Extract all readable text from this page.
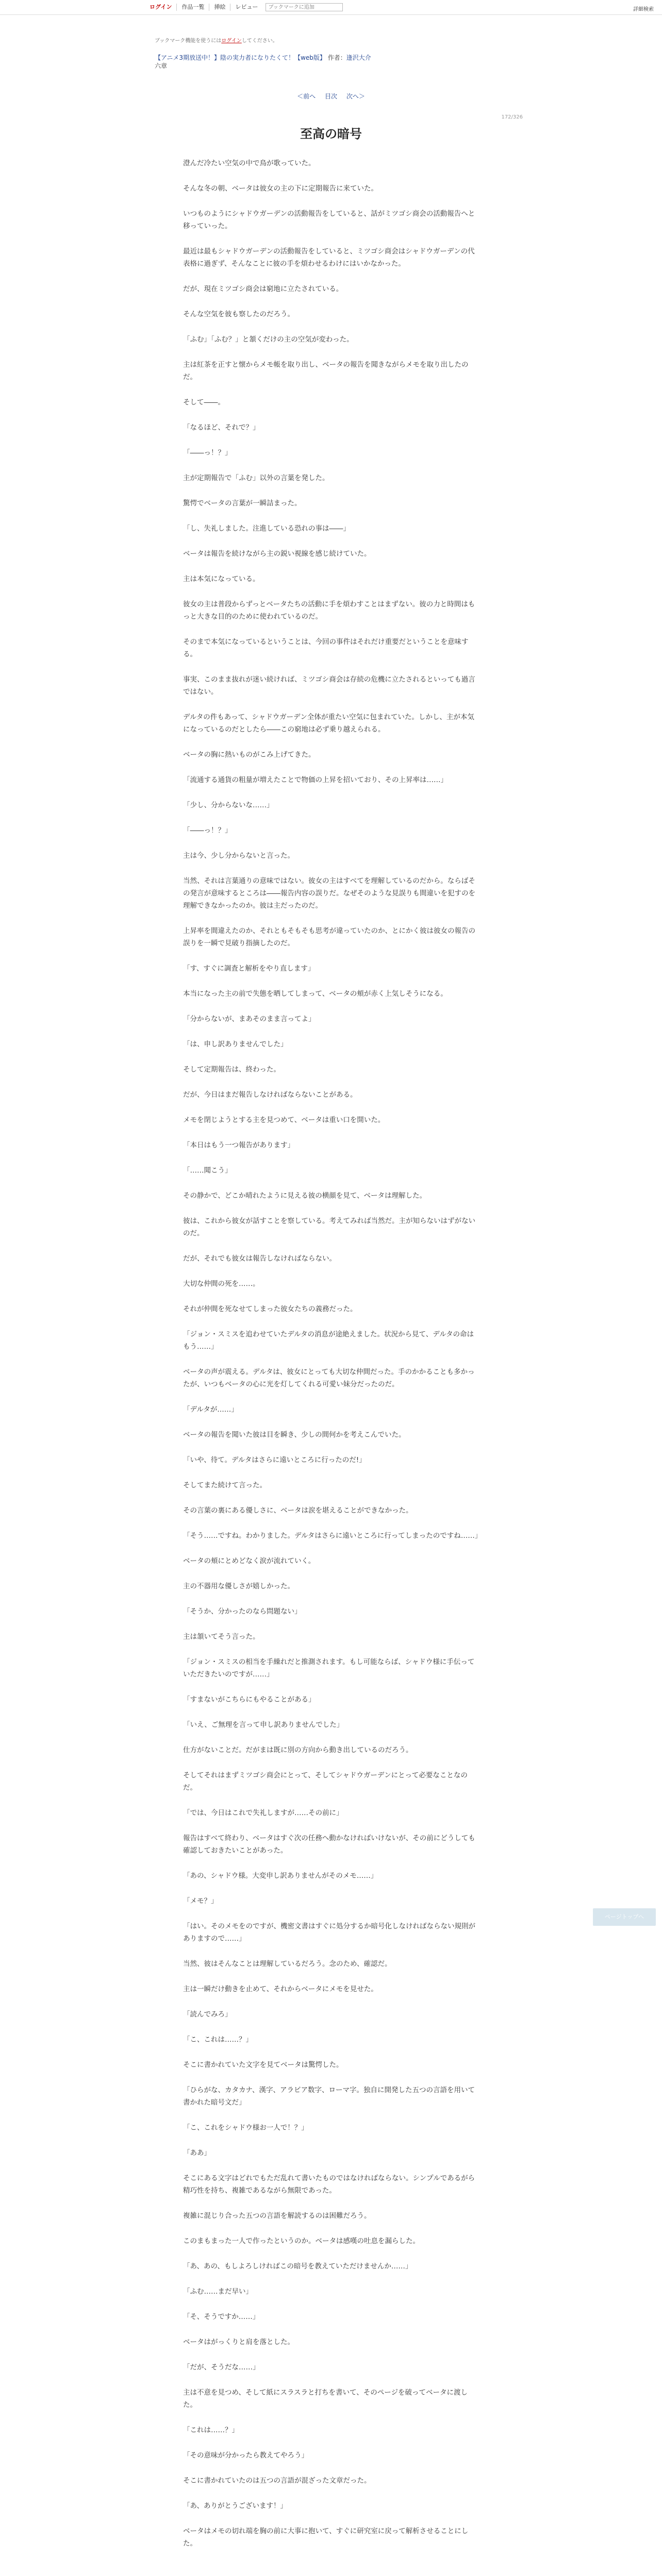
ログイン	作品一覧	挿絵	レビュー
ブックマークに追加	詳細検索
ブックマーク機能を使うにはログインしてください。
【アニメ3期放送中！】陰の実力者になりたくて！【web版】 作者：逢沢大介
六章
＜前へ 目次 次へ＞
172/326
至高の暗号

澄んだ冷たい空気の中で鳥が歌っていた。

そんな冬の朝、ベータは彼女の主の下に定期報告に来ていた。

いつものようにシャドウガーデンの活動報告をしていると、話がミツゴシ商会の活動報告へと移っていった。

最近は最もシャドウガーデンの活動報告をしていると、ミツゴシ商会はシャドウガーデンの代表格に過ぎず、そんなことに彼の手を煩わせるわけにはいかなかった。

だが、現在ミツゴシ商会は窮地に立たされている。

そんな空気を彼も察したのだろう。

「ふむ」「ふむ？」と頷くだけの主の空気が変わった。

主は紅茶を正すと懐からメモ帳を取り出し、ベータの報告を聞きながらメモを取り出したのだ。

そして――。

「なるほど、それで？」

「――っ！？」

主が定期報告で「ふむ」以外の言葉を発した。

驚愕でベータの言葉が一瞬詰まった。

「し、失礼しました。注進している恐れの事は――」

ベータは報告を続けながら主の鋭い視線を感じ続けていた。

主は本気になっている。

彼女の主は普段からずっとベータたちの活動に手を煩わすことはまずない。彼の力と時間はもっと大きな目的のために使われているのだ。

そのまで本気になっているということは、今回の事件はそれだけ重要だということを意味する。

事実、このまま抜れが迷い続ければ、ミツゴシ商会は存続の危機に立たされるといっても過言ではない。

デルタの件もあって、シャドウガーデン全体が重たい空気に包まれていた。しかし、主が本気になっているのだとしたら――この窮地は必ず乗り越えられる。

ベータの胸に熱いものがこみ上げてきた。

「流通する通貨の粗量が増えたことで物価の上昇を招いており、その上昇率は……」

「少し、分からないな……」

「――っ！？」

主は今、少し分からないと言った。

当然、それは言葉通りの意味ではない。彼女の主はすべてを理解しているのだから。ならばその発言が意味するところは――報告内容の誤りだ。なぜそのような見誤りも間違いを犯すのを理解できなかったのか。彼は主だったのだ。

上昇率を間違えたのか、それともそもそも思考が違っていたのか、とにかく彼は彼女の報告の誤りを一瞬で見破り指摘したのだ。

「す、すぐに調査と解析をやり直します」

本当になった主の前で失態を晒してしまって、ベータの頬が赤く上気しそうになる。

「分からないが、まあそのまま言ってよ」

「は、申し訳ありませんでした」

そして定期報告は、終わった。

だが、今日はまだ報告しなければならないことがある。

メモを閉じようとする主を見つめて、ベータは重い口を開いた。

「本日はもう一つ報告があります」

「……聞こう」

その静かで、どこか晴れたように見える彼の横顔を見て、ベータは理解した。

彼は、これから彼女が話すことを察している。考えてみれば当然だ。主が知らないはずがないのだ。

だが、それでも彼女は報告しなければならない。

大切な仲間の死を……。

それが仲間を死なせてしまった彼女たちの義務だった。

「ジョン・スミスを追わせていたデルタの消息が途絶えました。状況から見て、デルタの命はもう……」

ベータの声が震える。デルタは、彼女にとっても大切な仲間だった。手のかかることも多かったが、いつもベータの心に光を灯してくれる可愛い妹分だったのだ。

「デルタが……」

ベータの報告を聞いた彼は目を瞬き、少しの間何かを考えこんでいた。

「いや、待て。デルタはさらに遠いところに行ったのだ!」

そしてまた続けて言った。

その言葉の裏にある優しさに、ベータは涙を堪えることができなかった。

「そう……ですね。わかりました。デルタはさらに遠いところに行ってしまったのですね……」

ベータの頬にとめどなく涙が流れていく。

主の不器用な優しさが嬉しかった。

「そうか、分かったのなら問題ない」

主は頷いてそう言った。

「ジョン・スミスの相当を手繰れだと推測されます。もし可能ならば、シャドウ様に手伝っていただきたいのですが……」

「すまないがこちらにもやることがある」

「いえ、ご無理を言って申し訳ありませんでした」

仕方がないことだ。だがまは既に別の方向から動き出しているのだろう。

そしてそれはまずミツゴシ商会にとって、そしてシャドウガーデンにとって必要なことなのだ。

「では、今日はこれで失礼しますが……その前に」

報告はすべて終わり、ベータはすぐ次の任務へ動かなければいけないが、その前にどうしても確認しておきたいことがあった。

「あの、シャドウ様。大変申し訳ありませんがそのメモ……」

「メモ？」

「はい。そのメモをのですが、機密文書はすぐに処分するか暗号化しなければならない規則がありますので……」

当然、彼はそんなことは理解しているだろう。念のため、確認だ。

主は一瞬だけ動きを止めて、それからベータにメモを見せた。

「読んでみろ」

「こ、これは……？」

そこに書かれていた文字を見てベータは驚愕した。

「ひらがな、カタカナ、漢字、アラビア数字、ローマ字。独自に開発した五つの言語を用いて書かれた暗号文だ」

「こ、これをシャドウ様お一人で！？」

「ああ」

そこにある文字はどれでもただ乱れて書いたものではなければならない。シンプルであるがら精巧性を持ち、複雑であるながら無限であった。

複雑に混じり合った五つの言語を解読するのは困難だろう。

このまもまった一人で作ったというのか。ベータは感嘆の吐息を漏らした。

「あ、あの、もしよろしければこの暗号を教えていただけませんか……」

「ふむ……まだ早い」

「そ、そうですか……」

ベータはがっくりと肩を落とした。

「だが、そうだな……」

主は不意を見つめ、そして紙にスラスラと打ちを書いて、そのページを破ってベータに渡した。

「これは……？」

「その意味が分かったら教えてやろう」

そこに書かれていたのは五つの言語が混ざった文章だった。

「あ、ありがとうございます！」

ベータはメモの切れ端を胸の前に大事に抱いて、すぐに研究室に戻って解析させることにした。

ページトップへ
